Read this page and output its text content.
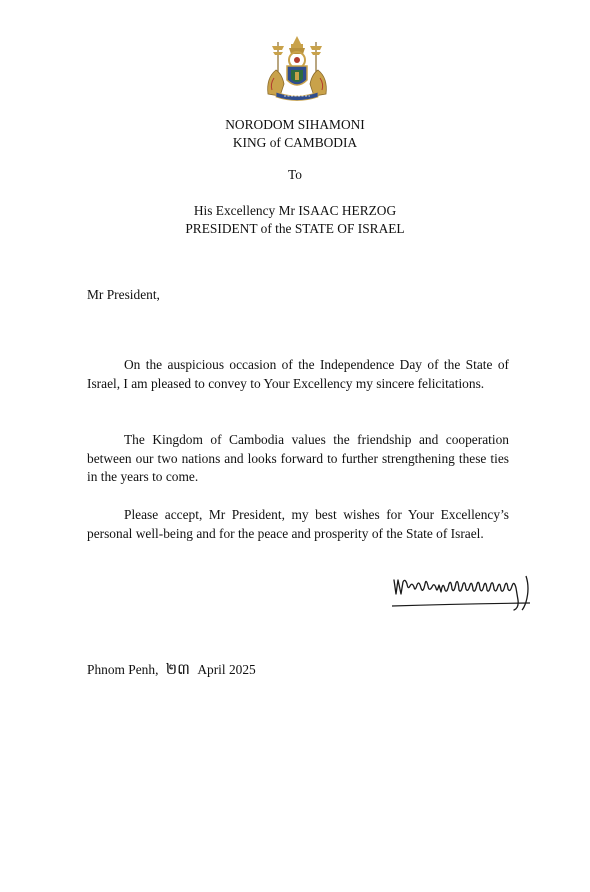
NORODOM SIHAMONI
KING of CAMBODIA
To
His Excellency Mr ISAAC HERZOG
PRESIDENT of the STATE OF ISRAEL
Mr President,
On the auspicious occasion of the Independence Day of the State of Israel, I am pleased to convey to Your Excellency my sincere felicitations.
The Kingdom of Cambodia values the friendship and cooperation between our two nations and looks forward to further strengthening these ties in the years to come.
Please accept, Mr President, my best wishes for Your Excellency’s personal well-being and for the peace and prosperity of the State of Israel.
Phnom Penh, ២៣ April 2025
